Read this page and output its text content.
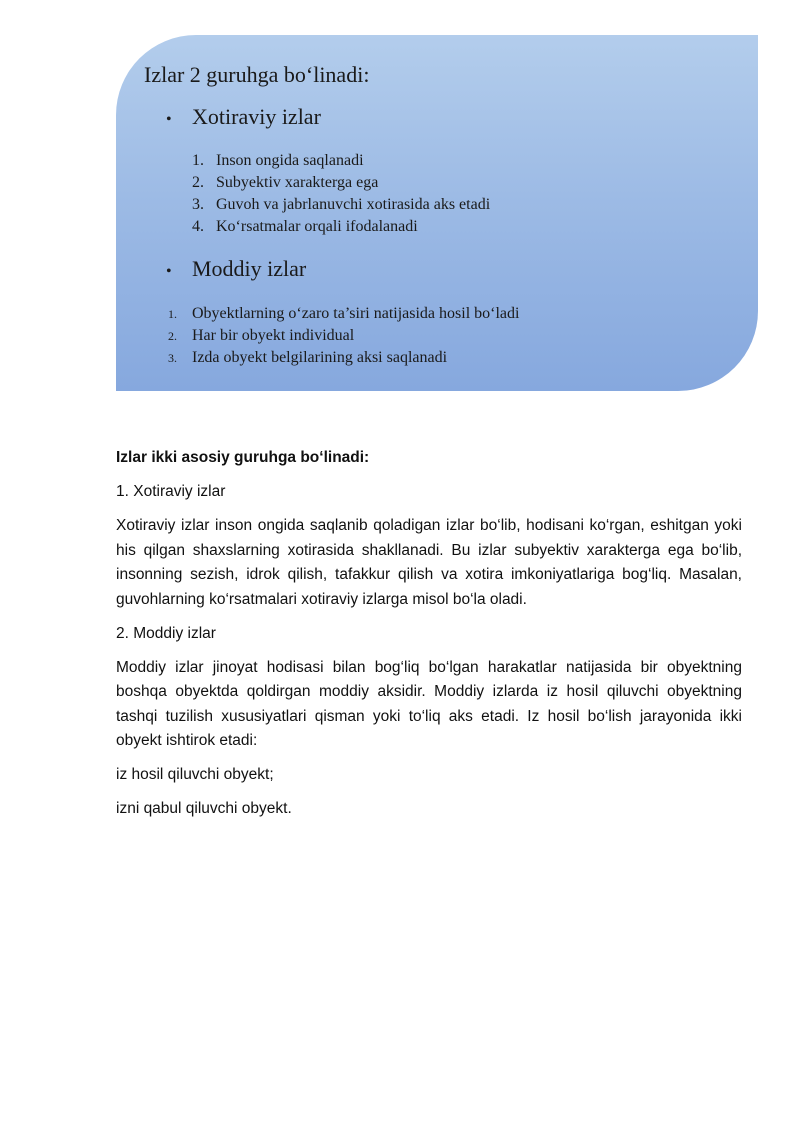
Izlar 2 guruhga bo‘linadi:
• Xotiraviy izlar
1. Inson ongida saqlanadi
2. Subyektiv xarakterga ega
3. Guvoh va jabrlanuvchi xotirasida aks etadi
4. Ko‘rsatmalar orqali ifodalanadi
• Moddiy izlar
1. Obyektlarning o‘zaro ta’siri natijasida hosil bo‘ladi
2. Har bir obyekt individual
3. Izda obyekt belgilarining aksi saqlanadi

Izlar ikki asosiy guruhga bo‘linadi:

1. Xotiraviy izlar

Xotiraviy izlar inson ongida saqlanib qoladigan izlar bo‘lib, hodisani ko‘rgan, eshitgan yoki his qilgan shaxslarning xotirasida shakllanadi. Bu izlar subyektiv xarakterga ega bo‘lib, insonning sezish, idrok qilish, tafakkur qilish va xotira imkoniyatlariga bog‘liq. Masalan, guvohlarning ko‘rsatmalari xotiraviy izlarga misol bo‘la oladi.

2. Moddiy izlar

Moddiy izlar jinoyat hodisasi bilan bog‘liq bo‘lgan harakatlar natijasida bir obyektning boshqa obyektda qoldirgan moddiy aksidir. Moddiy izlarda iz hosil qiluvchi obyektning tashqi tuzilish xususiyatlari qisman yoki to‘liq aks etadi. Iz hosil bo‘lish jarayonida ikki obyekt ishtirok etadi:

iz hosil qiluvchi obyekt;

izni qabul qiluvchi obyekt.
